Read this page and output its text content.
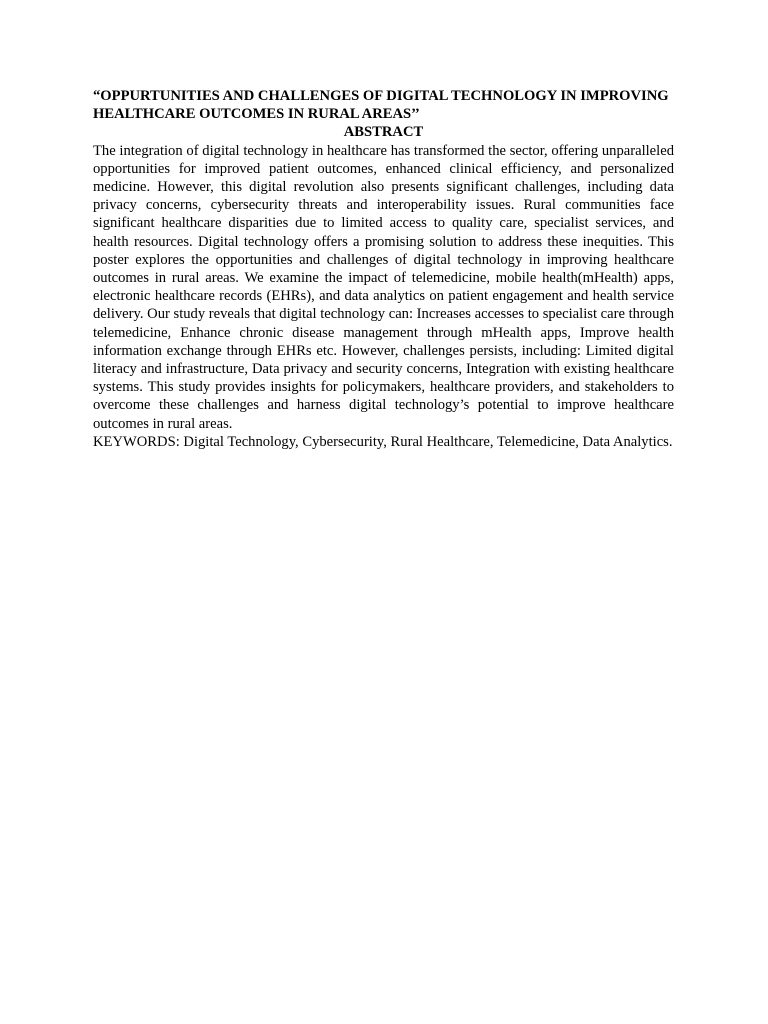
“OPPURTUNITIES AND CHALLENGES OF DIGITAL TECHNOLOGY IN IMPROVING HEALTHCARE OUTCOMES IN RURAL AREAS’’

ABSTRACT

The integration of digital technology in healthcare has transformed the sector, offering unparalleled opportunities for improved patient outcomes, enhanced clinical efficiency, and personalized medicine. However, this digital revolution also presents significant challenges, including data privacy concerns, cybersecurity threats and interoperability issues. Rural communities face significant healthcare disparities due to limited access to quality care, specialist services, and health resources. Digital technology offers a promising solution to address these inequities. This poster explores the opportunities and challenges of digital technology in improving healthcare outcomes in rural areas. We examine the impact of telemedicine, mobile health(mHealth) apps, electronic healthcare records (EHRs), and data analytics on patient engagement and health service delivery. Our study reveals that digital technology can: Increases accesses to specialist care through telemedicine, Enhance chronic disease management through mHealth apps, Improve health information exchange through EHRs etc. However, challenges persists, including: Limited digital literacy and infrastructure, Data privacy and security concerns, Integration with existing healthcare systems. This study provides insights for policymakers, healthcare providers, and stakeholders to overcome these challenges and harness digital technology’s potential to improve healthcare outcomes in rural areas.

KEYWORDS: Digital Technology, Cybersecurity, Rural Healthcare, Telemedicine, Data Analytics.
